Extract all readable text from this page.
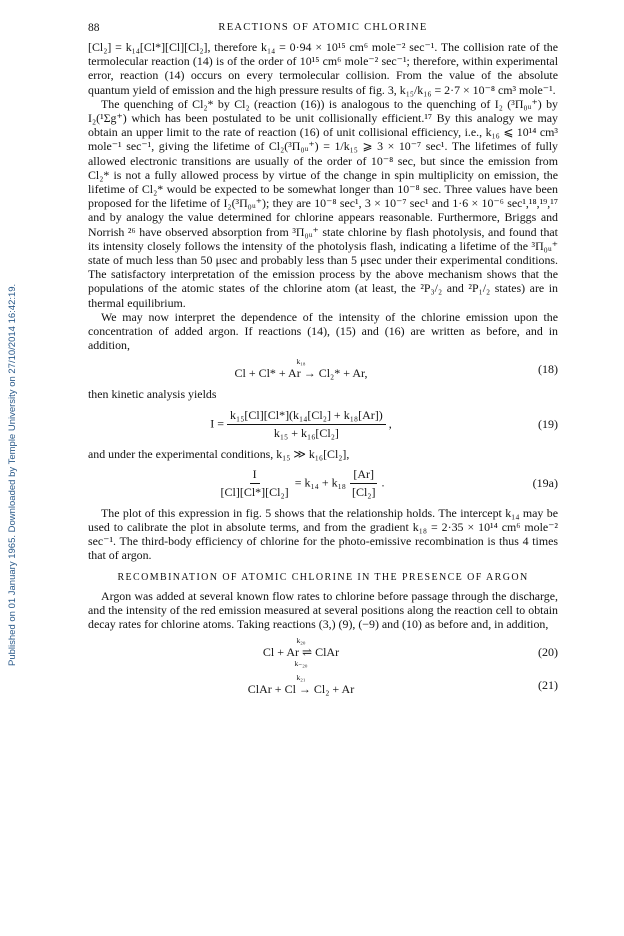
Published on 01 January 1965. Downloaded by Temple University on 27/10/2014 16:42:19.
88	REACTIONS OF ATOMIC CHLORINE

[Cl₂] = k₁₄[Cl*][Cl][Cl₂], therefore k₁₄ = 0·94 × 10¹⁵ cm⁶ mole⁻² sec⁻¹. The collision rate of the termolecular reaction (14) is of the order of 10¹⁵ cm⁶ mole⁻² sec⁻¹; therefore, within experimental error, reaction (14) occurs on every termolecular collision. From the value of the absolute quantum yield of emission and the high pressure results of fig. 3, k₁₅/k₁₆ = 2·7 × 10⁻⁸ cm³ mole⁻¹.

The quenching of Cl₂* by Cl₂ (reaction (16)) is analogous to the quenching of I₂ (³Π₀ᵤ⁺) by I₂(¹Σg⁺) which has been postulated to be unit collisionally efficient.¹⁷ By this analogy we may obtain an upper limit to the rate of reaction (16) of unit collisional efficiency, i.e., k₁₆ ⩽ 10¹⁴ cm³ mole⁻¹ sec⁻¹, giving the lifetime of Cl₂(³Π₀ᵤ⁺) = 1/k₁₅ ⩾ 3 × 10⁻⁷ sec¹. The lifetimes of fully allowed electronic transitions are usually of the order of 10⁻⁸ sec, but since the emission from Cl₂* is not a fully allowed process by virtue of the change in spin multiplicity on emission, the lifetime of Cl₂* would be expected to be somewhat longer than 10⁻⁸ sec. Three values have been proposed for the lifetime of I₂(³Π₀ᵤ⁺); they are 10⁻⁸ sec¹, 3 × 10⁻⁷ sec¹ and 1·6 × 10⁻⁶ sec¹,¹⁸,¹⁹,¹⁷ and by analogy the value determined for chlorine appears reasonable. Furthermore, Briggs and Norrish ²⁶ have observed absorption from ³Π₀ᵤ⁺ state chlorine by flash photolysis, and found that its intensity closely follows the intensity of the photolysis flash, indicating a lifetime of the ³Π₀ᵤ⁺ state of much less than 50 μsec and probably less than 5 μsec under their experimental conditions. The satisfactory interpretation of the emission process by the above mechanism shows that the populations of the atomic states of the chlorine atom (at least, the ²P₃/₂ and ²P₁/₂ states) are in thermal equilibrium.

We may now interpret the dependence of the intensity of the chlorine emission upon the concentration of added argon. If reactions (14), (15) and (16) are written as before, and in addition,

k₁₈
Cl + Cl* + Ar → Cl₂* + Ar,	(18)

then kinetic analysis yields

$I = \frac{\text{k₁₅[Cl][Cl*](k₁₄[Cl₂] + k₁₈[Ar])}}{\text{k₁₅ + k₁₆[Cl₂]}}$ ,	(19)

and under the experimental conditions, k₁₅ ≫ k₁₆[Cl₂],

$\frac{I}{\text{[Cl][Cl*][Cl₂]}} = k_{14} + k_{18} \frac{[Ar]}{\text{[Cl₂]}}$ .	(19a)

The plot of this expression in fig. 5 shows that the relationship holds. The intercept k₁₄ may be used to calibrate the plot in absolute terms, and from the gradient k₁₈ = 2·35 × 10¹⁴ cm⁶ mole⁻² sec⁻¹. The third-body efficiency of chlorine for the photo-emissive recombination is thus 4 times that of argon.

RECOMBINATION OF ATOMIC CHLORINE IN THE PRESENCE OF ARGON

Argon was added at several known flow rates to chlorine before passage through the discharge, and the intensity of the red emission measured at several positions along the reaction cell to obtain decay rates for chlorine atoms. Taking reactions (3,) (9), (−9) and (10) as before and, in addition,

k₂₀
Cl + Ar ⇌ ClAr
k₋₂₀
(20)
k₂₁
ClAr + Cl → Cl₂ + Ar	(21)
